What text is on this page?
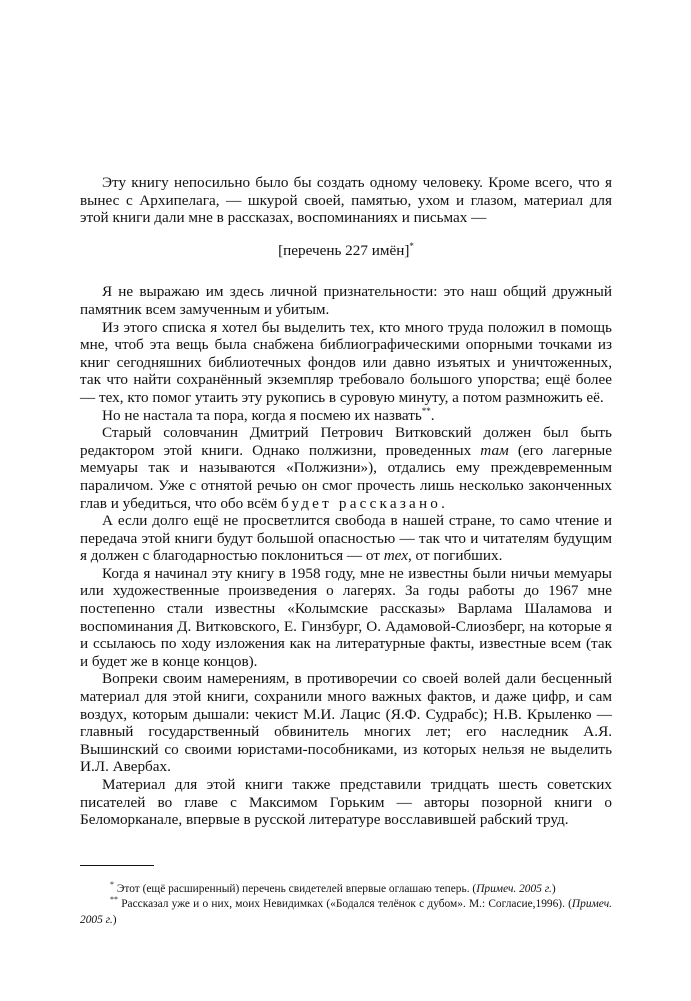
Эту книгу непосильно было бы создать одному человеку. Кроме всего, что я вынес с Архипелага, — шкурой своей, памятью, ухом и глазом, материал для этой книги дали мне в рассказах, воспоминаниях и письмах —

[перечень 227 имён]*

Я не выражаю им здесь личной признательности: это наш общий дружный памятник всем замученным и убитым.

Из этого списка я хотел бы выделить тех, кто много труда положил в помощь мне, чтоб эта вещь была снабжена библиографическими опорными точками из книг сегодняшних библиотечных фондов или давно изъятых и уничтоженных, так что найти сохранённый экземпляр требовало большого упорства; ещё более — тех, кто помог утаить эту рукопись в суровую минуту, а потом размножить её.

Но не настала та пора, когда я посмею их назвать**.

Старый соловчанин Дмитрий Петрович Витковский должен был быть редактором этой книги. Однако полжизни, проведенных там (его лагерные мемуары так и называются «Полжизни»), отдались ему преждевременным параличом. Уже с отнятой речью он смог прочесть лишь несколько законченных глав и убедиться, что обо всём будет рассказано.

А если долго ещё не просветлится свобода в нашей стране, то само чтение и передача этой книги будут большой опасностью — так что и читателям будущим я должен с благодарностью поклониться — от тех, от погибших.

Когда я начинал эту книгу в 1958 году, мне не известны были ничьи мемуары или художественные произведения о лагерях. За годы работы до 1967 мне постепенно стали известны «Колымские рассказы» Варлама Шаламова и воспоминания Д. Витковского, Е. Гинзбург, О. Адамовой-Слиозберг, на которые я и ссылаюсь по ходу изложения как на литературные факты, известные всем (так и будет же в конце концов).

Вопреки своим намерениям, в противоречии со своей волей дали бесценный материал для этой книги, сохранили много важных фактов, и даже цифр, и сам воздух, которым дышали: чекист М.И. Лацис (Я.Ф. Судрабс); Н.В. Крыленко — главный государственный обвинитель многих лет; его наследник А.Я. Вышинский со своими юристами-пособниками, из которых нельзя не выделить И.Л. Авербах.

Материал для этой книги также представили тридцать шесть советских писателей во главе с Максимом Горьким — авторы позорной книги о Беломорканале, впервые в русской литературе восславившей рабский труд.

* Этот (ещё расширенный) перечень свидетелей впервые оглашаю теперь. (Примеч. 2005 г.)

** Рассказал уже и о них, моих Невидимках («Бодался телёнок с дубом». М.: Согласие,1996). (Примеч. 2005 г.)
